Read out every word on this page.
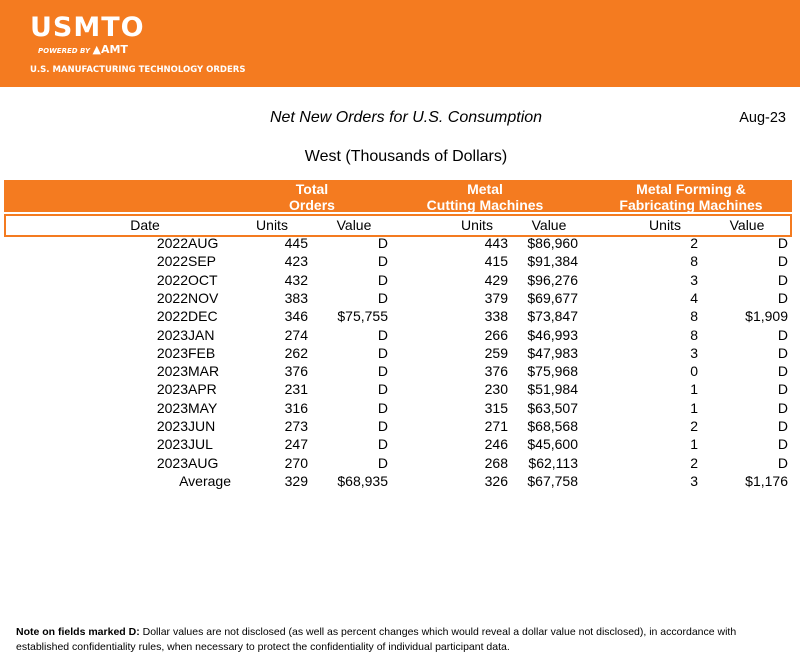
USMTO
POWERED BY ▲AMT
U.S. MANUFACTURING TECHNOLOGY ORDERS
Net New Orders for U.S. Consumption	Aug-23
West (Thousands of Dollars)
Total
Orders
Metal
Cutting Machines
Metal Forming &
Fabricating Machines
Date	Units	Value	Units	Value	Units	Value
2022 AUG	445	D	443	$86,960	2	D
2022 SEP	423	D	415	$91,384	8	D
2022 OCT	432	D	429	$96,276	3	D
2022 NOV	383	D	379	$69,677	4	D
2022 DEC	346	$75,755	338	$73,847	8	$1,909
2023 JAN	274	D	266	$46,993	8	D
2023 FEB	262	D	259	$47,983	3	D
2023 MAR	376	D	376	$75,968	0	D
2023 APR	231	D	230	$51,984	1	D
2023 MAY	316	D	315	$63,507	1	D
2023 JUN	273	D	271	$68,568	2	D
2023 JUL	247	D	246	$45,600	1	D
2023 AUG	270	D	268	$62,113	2	D
Average	329	$68,935	326	$67,758	3	$1,176
Note on fields marked D: Dollar values are not disclosed (as well as percent changes which would reveal a dollar value not disclosed), in accordance with established confidentiality rules, when necessary to protect the confidentiality of individual participant data.
